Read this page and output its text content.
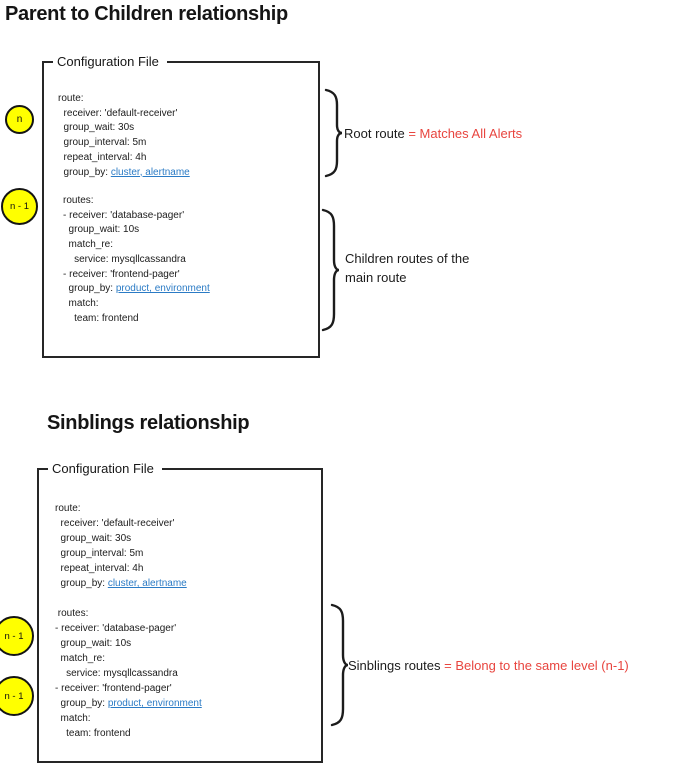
Parent to Children relationship
Configuration File
route:
receiver: 'default-receiver'
group_wait: 30s
group_interval: 5m
repeat_interval: 4h
group_by: cluster, alertname
routes:
- receiver: 'database-pager'
group_wait: 10s
match_re:
service: mysqllcassandra
- receiver: 'frontend-pager'
group_by: product, environment
match:
team: frontend
n
n - 1
Root route = Matches All Alerts
Children routes of the main route
Sinblings relationship
Configuration File
route:
receiver: 'default-receiver'
group_wait: 30s
group_interval: 5m
repeat_interval: 4h
group_by: cluster, alertname
routes:
- receiver: 'database-pager'
group_wait: 10s
match_re:
service: mysqllcassandra
- receiver: 'frontend-pager'
group_by: product, environment
match:
team: frontend
n - 1
n - 1
Sinblings routes = Belong to the same level (n-1)
